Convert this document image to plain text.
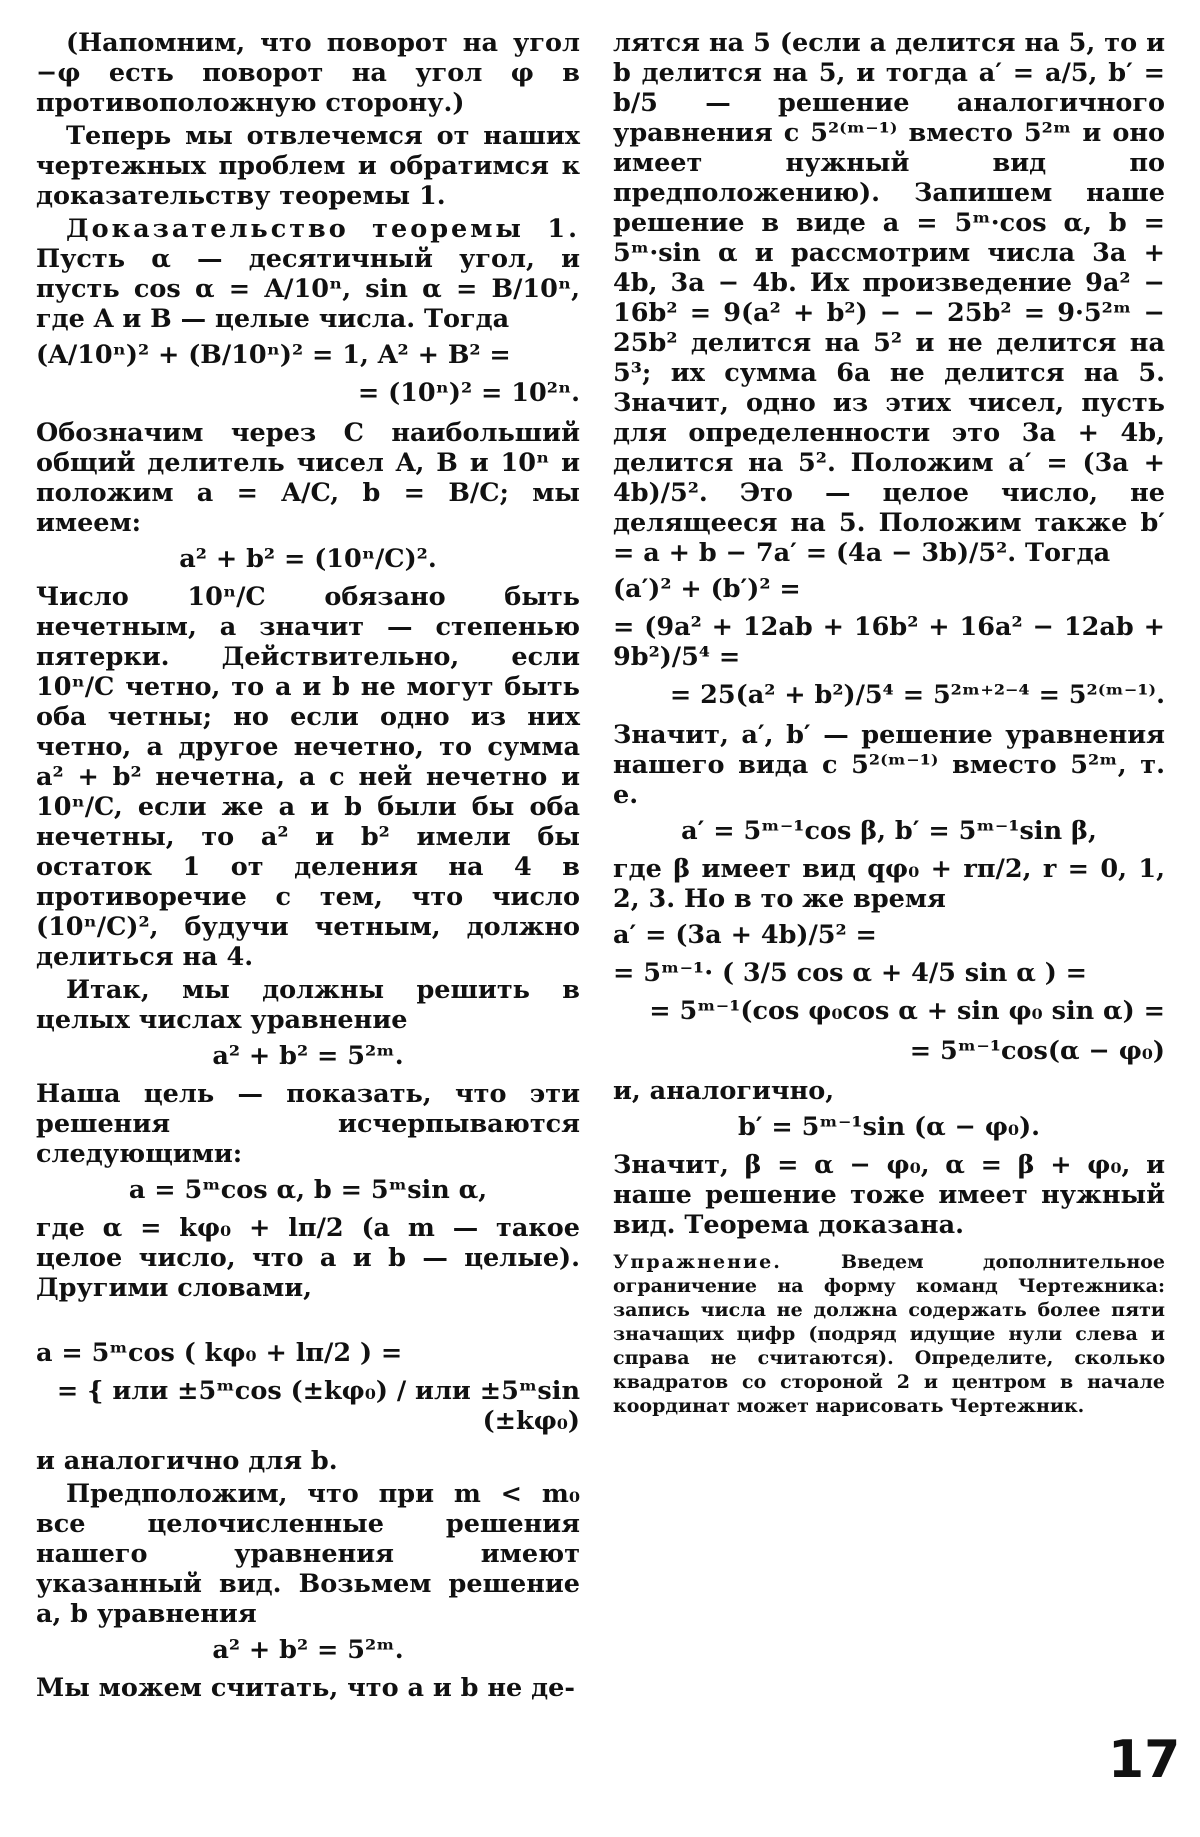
(Напомним, что поворот на угол −φ есть поворот на угол φ в противоположную сторону.)

Теперь мы отвлечемся от наших чертежных проблем и обратимся к доказательству теоремы 1.

Доказательство теоремы 1. Пусть α — десятичный угол, и пусть cos α = A/10ⁿ, sin α = B/10ⁿ, где A и B — целые числа. Тогда

(A/10ⁿ)² + (B/10ⁿ)² = 1, A² + B² =

= (10ⁿ)² = 10²ⁿ.

Обозначим через C наибольший общий делитель чисел A, B и 10ⁿ и положим a = A/C, b = B/C; мы имеем:

a² + b² = (10ⁿ/C)².

Число 10ⁿ/C обязано быть нечетным, а значит — степенью пятерки. Действительно, если 10ⁿ/C четно, то a и b не могут быть оба четны; но если одно из них четно, а другое нечетно, то сумма a² + b² нечетна, а с ней нечетно и 10ⁿ/C, если же a и b были бы оба нечетны, то a² и b² имели бы остаток 1 от деления на 4 в противоречие с тем, что число (10ⁿ/C)², будучи четным, должно делиться на 4.

Итак, мы должны решить в целых числах уравнение

a² + b² = 5²ᵐ.

Наша цель — показать, что эти решения исчерпываются следующими:

a = 5ᵐcos α, b = 5ᵐsin α,

где α = kφ₀ + lπ/2 (a m — такое целое число, что a и b — целые). Другими словами,

a = 5ᵐcos ( kφ₀ + lπ/2 ) =

= { или ±5ᵐcos (±kφ₀) / или ±5ᵐsin (±kφ₀)

и аналогично для b.

Предположим, что при m < m₀ все целочисленные решения нашего уравнения имеют указанный вид. Возьмем решение a, b уравнения

a² + b² = 5²ᵐ.

Мы можем считать, что a и b не де-

лятся на 5 (если a делится на 5, то и b делится на 5, и тогда a′ = a/5, b′ = b/5 — решение аналогичного уравнения с 5²⁽ᵐ⁻¹⁾ вместо 5²ᵐ и оно имеет нужный вид по предположению). Запишем наше решение в виде a = 5ᵐ·cos α, b = 5ᵐ·sin α и рассмотрим числа 3a + 4b, 3a − 4b. Их произведение 9a² − 16b² = 9(a² + b²) − − 25b² = 9·5²ᵐ − 25b² делится на 5² и не делится на 5³; их сумма 6a не делится на 5. Значит, одно из этих чисел, пусть для определенности это 3a + 4b, делится на 5². Положим a′ = (3a + 4b)/5². Это — целое число, не делящееся на 5. Положим также b′ = a + b − 7a′ = (4a − 3b)/5². Тогда

(a′)² + (b′)² =

= (9a² + 12ab + 16b² + 16a² − 12ab + 9b²)/5⁴ =

= 25(a² + b²)/5⁴ = 5²ᵐ⁺²⁻⁴ = 5²⁽ᵐ⁻¹⁾.

Значит, a′, b′ — решение уравнения нашего вида с 5²⁽ᵐ⁻¹⁾ вместо 5²ᵐ, т. е.

a′ = 5ᵐ⁻¹cos β, b′ = 5ᵐ⁻¹sin β,

где β имеет вид qφ₀ + rπ/2, r = 0, 1, 2, 3. Но в то же время

a′ = (3a + 4b)/5² =

= 5ᵐ⁻¹· ( 3/5 cos α + 4/5 sin α ) =

= 5ᵐ⁻¹(cos φ₀cos α + sin φ₀ sin α) =

= 5ᵐ⁻¹cos(α − φ₀)

и, аналогично,

b′ = 5ᵐ⁻¹sin (α − φ₀).

Значит, β = α − φ₀, α = β + φ₀, и наше решение тоже имеет нужный вид. Теорема доказана.

Упражнение.	Введем дополнительное ограничение на форму команд Чертежника: запись числа не должна содержать более пяти значащих цифр (подряд идущие нули слева и справа не считаются). Определите, сколько квадратов со стороной 2 и центром в начале координат может нарисовать Чертежник.

17
